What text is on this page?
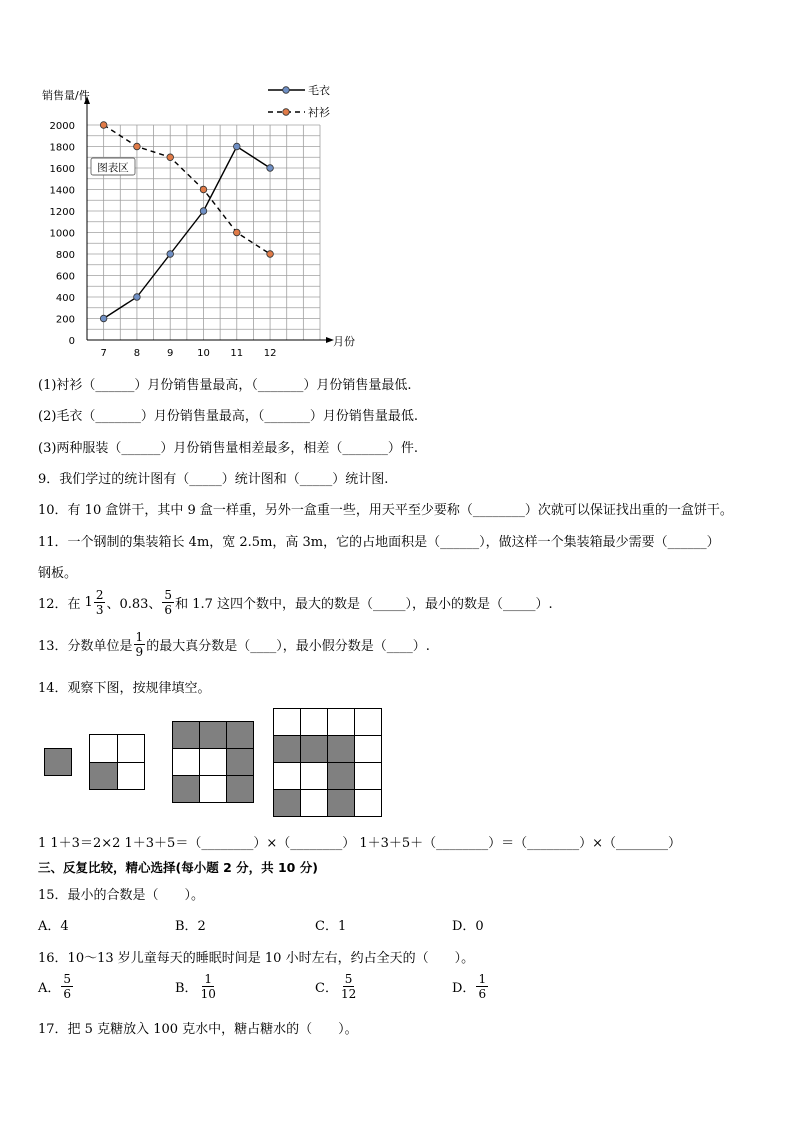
0
200
400
600
800
1000
1200
1400
1600
1800
2000
7	8	9 10 11 12
销售量/件
月份
图表区
毛衣
衬衫
(1)衬衫（______）月份销售量最高，（_______）月份销售量最低.
(2)毛衣（_______）月份销售量最高，（_______）月份销售量最低.
(3)两种服装（______）月份销售量相差最多，相差（_______）件.
9．我们学过的统计图有（_____）统计图和（_____）统计图.
10．有 10 盒饼干，其中 9 盒一样重，另外一盒重一些，用天平至少要称（________）次就可以保证找出重的一盒饼干。
11．一个钢制的集装箱长 4m，宽 2.5m，高 3m，它的占地面积是（______），做这样一个集装箱最少需要（______）
钢板。
12．在 $1 \frac{2}{3}$ 、0.83、 $\frac{5}{6}$ 和 1.7 这四个数中，最大的数是（_____），最小的数是（_____）.
13．分数单位是 $\frac{1}{9}$ 的最大真分数是（____），最小假分数是（____）.
14．观察下图，按规律填空。
1 1＋3＝2×2 1＋3＋5＝（________）×（________） 1＋3＋5＋（________）＝（________）×（________）
三、反复比较，精心选择(每小题 2 分，共 10 分)
15．最小的合数是（　　）。
A．4	B．2	C．1	D．0
16．10～13 岁儿童每天的睡眠时间是 10 小时左右，约占全天的（　　）。
A． $\frac{5}{6}$	B． $\frac{1}{10}$	C． $\frac{5}{12}$	D． $\frac{1}{6}$
17．把 5 克糖放入 100 克水中，糖占糖水的（　　）。
